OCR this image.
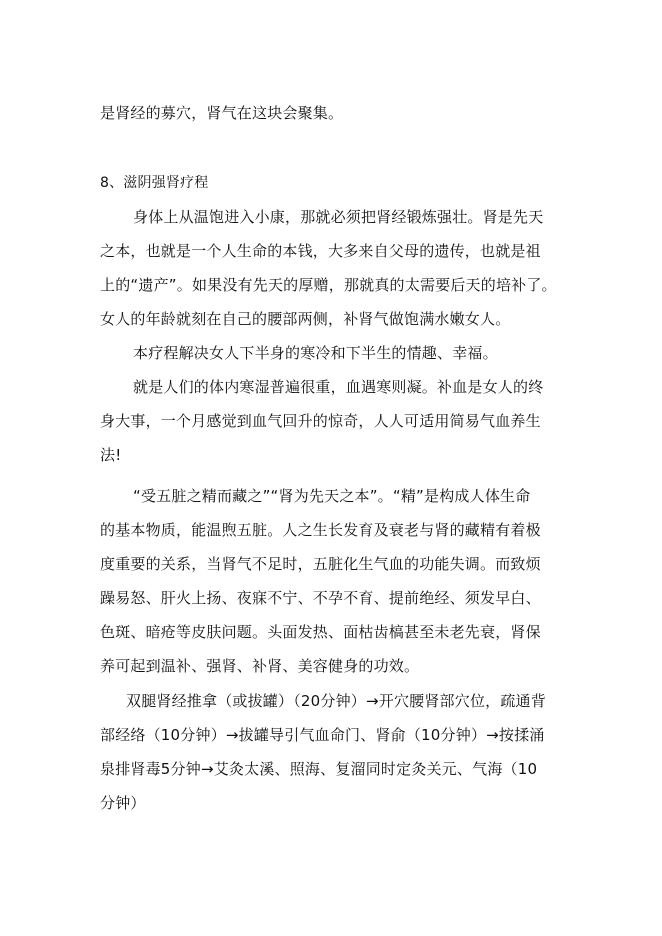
是肾经的募穴，肾气在这块会聚集。
8、滋阴强肾疗程
身体上从温饱进入小康，那就必须把肾经锻炼强壮。肾是先天
之本，也就是一个人生命的本钱，大多来自父母的遗传，也就是祖
上的“遗产”。如果没有先天的厚赠，那就真的太需要后天的培补了。
女人的年龄就刻在自己的腰部两侧，补肾气做饱满水嫩女人。
本疗程解决女人下半身的寒冷和下半生的情趣、幸福。
就是人们的体内寒湿普遍很重，血遇寒则凝。补血是女人的终
身大事，一个月感觉到血气回升的惊奇，人人可适用简易气血养生
法!
“受五脏之精而藏之”“肾为先天之本”。“精”是构成人体生命
的基本物质，能温煦五脏。人之生长发育及衰老与肾的藏精有着极
度重要的关系，当肾气不足时，五脏化生气血的功能失调。而致烦
躁易怒、肝火上扬、夜寐不宁、不孕不育、提前绝经、须发早白、
色斑、暗疮等皮肤问题。头面发热、面枯齿槁甚至未老先衰，肾保
养可起到温补、强肾、补肾、美容健身的功效。
双腿肾经推拿（或拔罐）（20分钟）→开穴腰肾部穴位，疏通背
部经络（10分钟）→拔罐导引气血命门、肾俞（10分钟）→按揉涌
泉排肾毒5分钟→艾灸太溪、照海、复溜同时定灸关元、气海（10
分钟）
